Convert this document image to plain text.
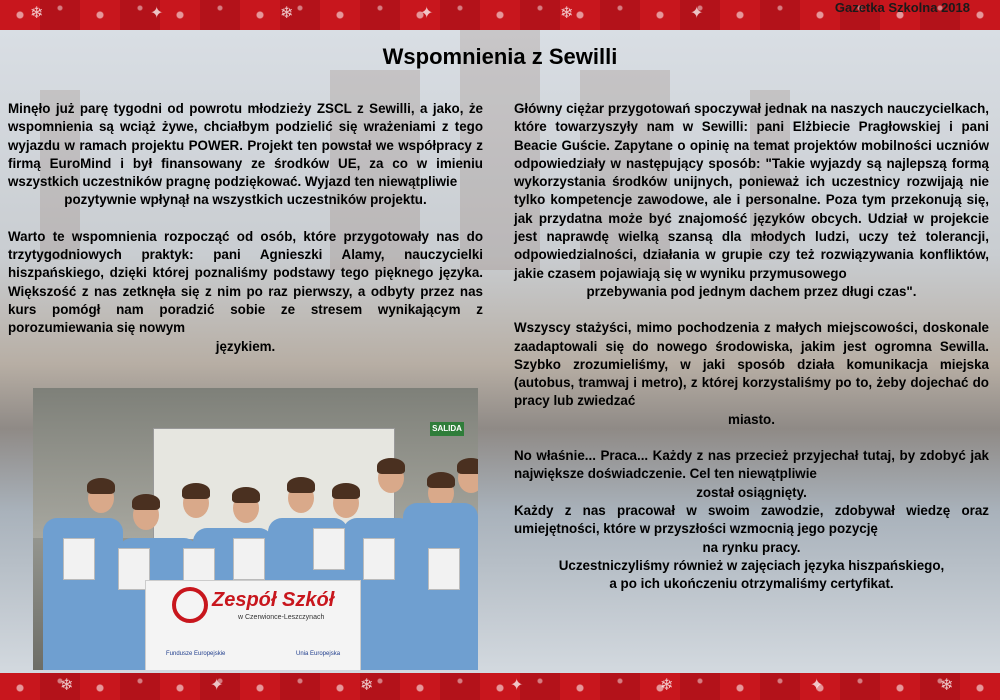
❄	✦	❄	✦	❄	✦	Gazetka Szkolna 2018
❄	✦	❄	✦	❄	✦	❄
Wspomnienia z Sewilli

Minęło już parę tygodni od powrotu młodzieży ZSCL z Sewilli, a jako, że wspomnienia są wciąż żywe, chciałbym podzielić się wrażeniami z tego wyjazdu w ramach projektu POWER. Projekt ten powstał we współpracy z firmą EuroMind i był finansowany ze środków UE, za co w imieniu wszystkich uczestników pragnę podziękować. Wyjazd ten niewątpliwie

pozytywnie wpłynął na wszystkich uczestników projektu.

Warto te wspomnienia rozpocząć od osób, które przygotowały nas do trzytygodniowych praktyk: pani Agnieszki Alamy, nauczycielki hiszpańskiego, dzięki której poznaliśmy podstawy tego pięknego języka. Większość z nas zetknęła się z nim po raz pierwszy, a odbyty przez nas kurs pomógł nam poradzić sobie ze stresem wynikającym z porozumiewania się nowym

językiem.

SALIDA
Zespół Szkół
w Czerwionce-Leszczynach
Fundusze Europejskie	Unia Europejska

Główny ciężar przygotowań spoczywał jednak na naszych nauczycielkach, które towarzyszyły nam w Sewilli: pani Elżbiecie Pragłowskiej i pani Beacie Guście. Zapytane o opinię na temat projektów mobilności uczniów odpowiedziały w następujący sposób: "Takie wyjazdy są najlepszą formą wykorzystania środków unijnych, ponieważ ich uczestnicy rozwijają nie tylko kompetencje zawodowe, ale i personalne. Poza tym przekonują się, jak przydatna może być znajomość języków obcych. Udział w projekcie jest naprawdę wielką szansą dla młodych ludzi, uczy też tolerancji, odpowiedzialności, działania w grupie czy też rozwiązywania konfliktów, jakie czasem pojawiają się w wyniku przymusowego

przebywania pod jednym dachem przez długi czas".

Wszyscy stażyści, mimo pochodzenia z małych miejscowości, doskonale zaadaptowali się do nowego środowiska, jakim jest ogromna Sewilla. Szybko zrozumieliśmy, w jaki sposób działa komunikacja miejska (autobus, tramwaj i metro), z której korzystaliśmy po to, żeby dojechać do pracy lub zwiedzać

miasto.

No właśnie... Praca... Każdy z nas przecież przyjechał tutaj, by zdobyć jak największe doświadczenie. Cel ten niewątpliwie

został osiągnięty.

Każdy z nas pracował w swoim zawodzie, zdobywał wiedzę oraz umiejętności, które w przyszłości wzmocnią jego pozycję

na rynku pracy.

Uczestniczyliśmy również w zajęciach języka hiszpańskiego,

a po ich ukończeniu otrzymaliśmy certyfikat.
